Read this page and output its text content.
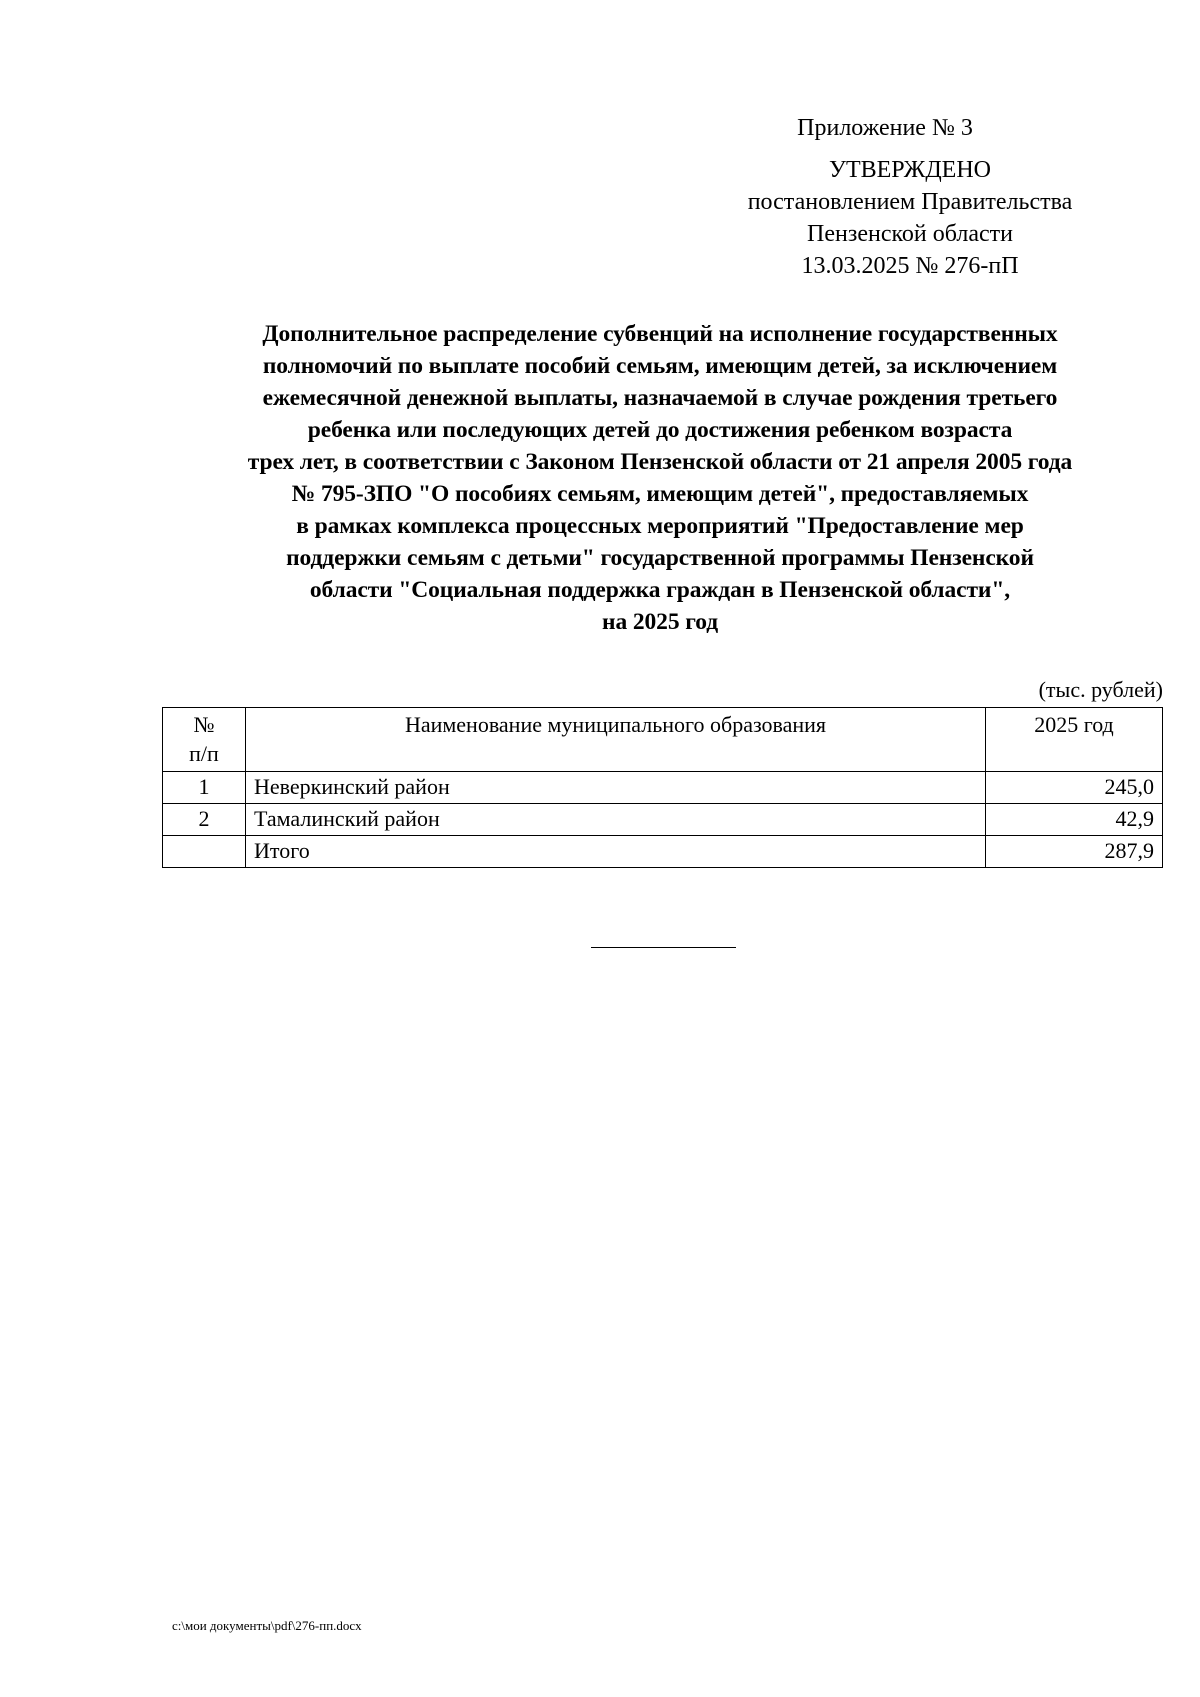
Приложение № 3
УТВЕРЖДЕНО
постановлением Правительства
Пензенской области
13.03.2025 № 276-пП
Дополнительное распределение субвенций на исполнение государственных
полномочий по выплате пособий семьям, имеющим детей, за исключением
ежемесячной денежной выплаты, назначаемой в случае рождения третьего
ребенка или последующих детей до достижения ребенком возраста
трех лет, в соответствии с Законом Пензенской области от 21 апреля 2005 года
№ 795-ЗПО "О пособиях семьям, имеющим детей", предоставляемых
в рамках комплекса процессных мероприятий "Предоставление мер
поддержки семьям с детьми" государственной программы Пензенской
области "Социальная поддержка граждан в Пензенской области",
на 2025 год
(тыс. рублей)
№
п/п	Наименование муниципального образования	2025 год
1	Неверкинский район	245,0
2	Тамалинский район	42,9
	Итого	287,9
c:\мои документы\pdf\276-пп.docx
